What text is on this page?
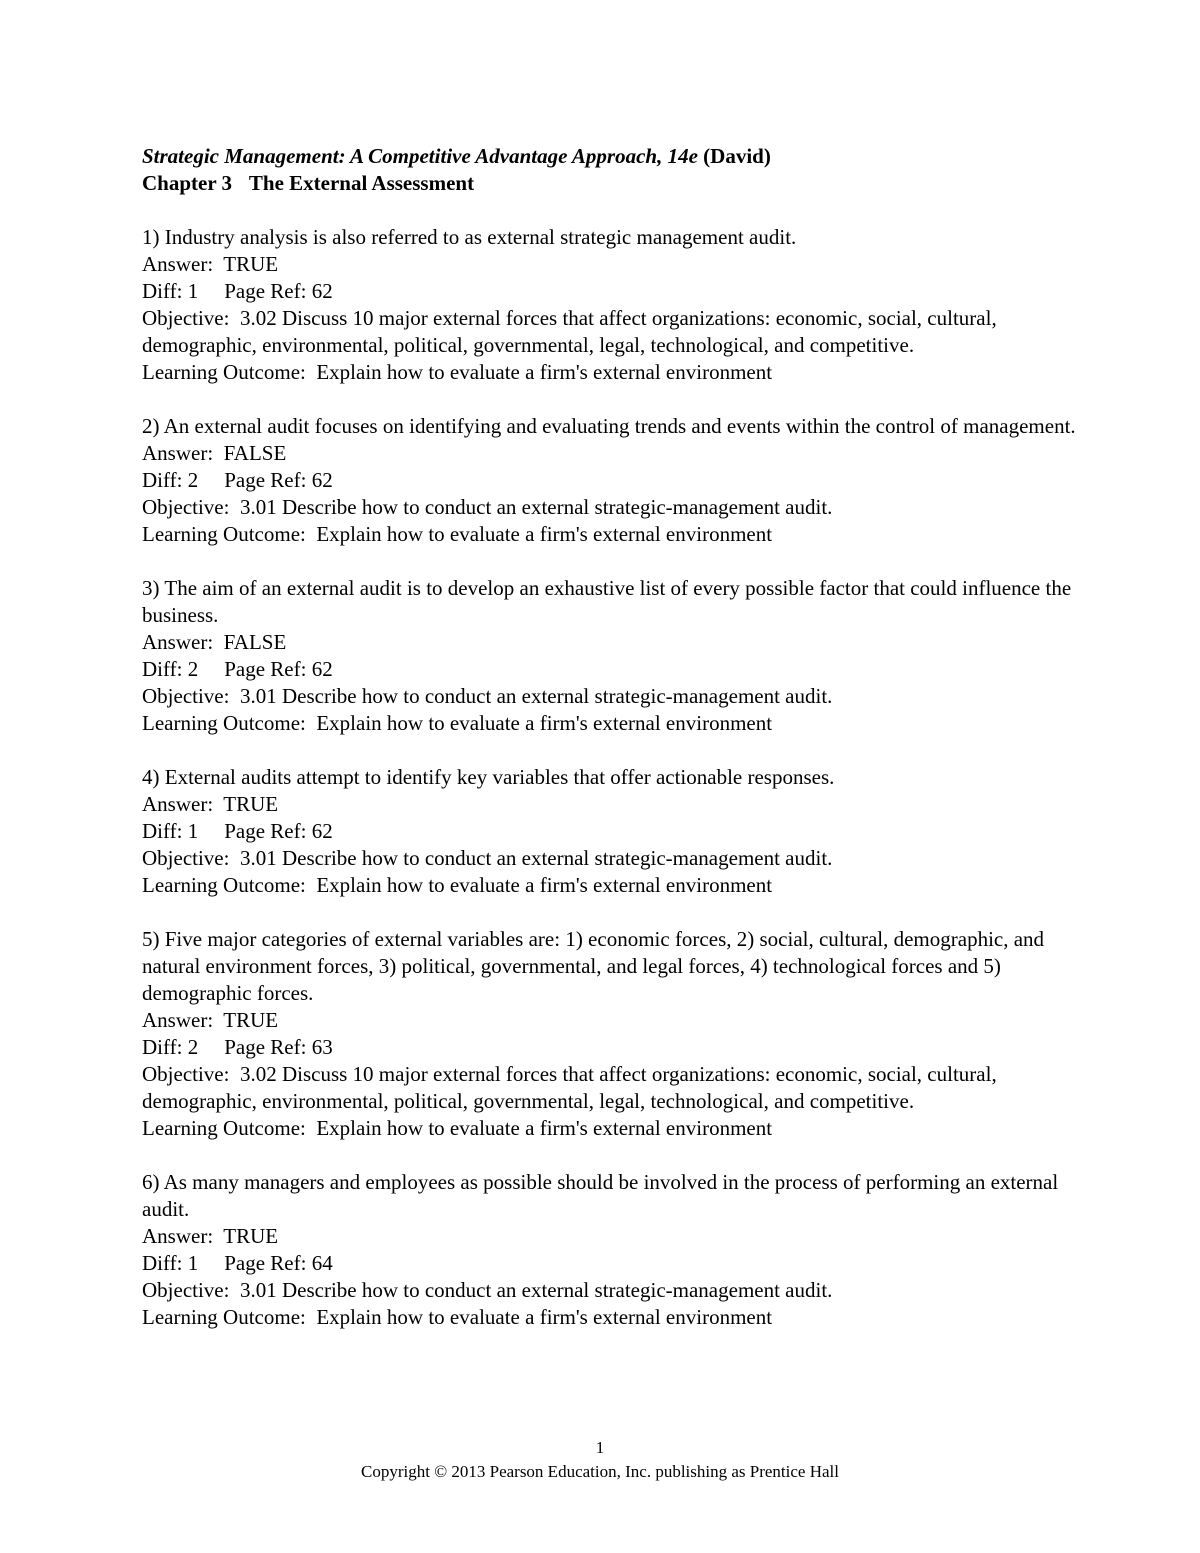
Strategic Management: A Competitive Advantage Approach, 14e (David)
Chapter 3 The External Assessment

1) Industry analysis is also referred to as external strategic management audit.

Answer: TRUE

Diff: 1 Page Ref: 62

Objective: 3.02 Discuss 10 major external forces that affect organizations: economic, social, cultural, demographic, environmental, political, governmental, legal, technological, and competitive.

Learning Outcome: Explain how to evaluate a firm's external environment

2) An external audit focuses on identifying and evaluating trends and events within the control of management.

Answer: FALSE

Diff: 2 Page Ref: 62

Objective: 3.01 Describe how to conduct an external strategic-management audit.

Learning Outcome: Explain how to evaluate a firm's external environment

3) The aim of an external audit is to develop an exhaustive list of every possible factor that could influence the business.

Answer: FALSE

Diff: 2 Page Ref: 62

Objective: 3.01 Describe how to conduct an external strategic-management audit.

Learning Outcome: Explain how to evaluate a firm's external environment

4) External audits attempt to identify key variables that offer actionable responses.

Answer: TRUE

Diff: 1 Page Ref: 62

Objective: 3.01 Describe how to conduct an external strategic-management audit.

Learning Outcome: Explain how to evaluate a firm's external environment

5) Five major categories of external variables are: 1) economic forces, 2) social, cultural, demographic, and natural environment forces, 3) political, governmental, and legal forces, 4) technological forces and 5) demographic forces.

Answer: TRUE

Diff: 2 Page Ref: 63

Objective: 3.02 Discuss 10 major external forces that affect organizations: economic, social, cultural, demographic, environmental, political, governmental, legal, technological, and competitive.

Learning Outcome: Explain how to evaluate a firm's external environment

6) As many managers and employees as possible should be involved in the process of performing an external audit.

Answer: TRUE

Diff: 1 Page Ref: 64

Objective: 3.01 Describe how to conduct an external strategic-management audit.

Learning Outcome: Explain how to evaluate a firm's external environment

1
Copyright © 2013 Pearson Education, Inc. publishing as Prentice Hall
